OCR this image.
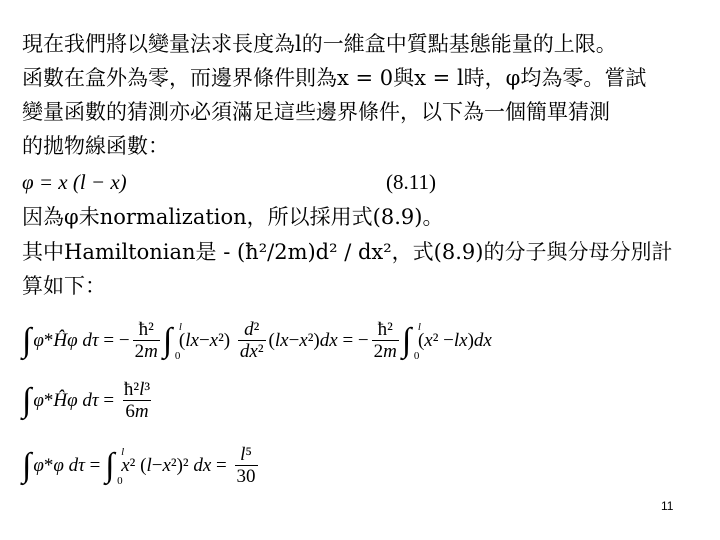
現在我們將以變量法求長度為l的一維盒中質點基態能量的上限。
函數在盒外為零，而邊界條件則為x = 0與x = l時，φ均為零。嘗試
變量函數的猜測亦必須滿足這些邊界條件，以下為一個簡單猜測
的拋物線函數：
φ = x (l − x)	(8.11)
因為φ未normalization，所以採用式(8.9)。
其中Hamiltonian是 - (ħ²/2m)d² / dx²，式(8.9)的分子與分母分別計
算如下：
∫ φ * Ĥφ
dτ = − $\frac{\text{ħ²}}{2m}$ ∫ l
0
( lx − x $^2) \frac{\text{d²}}{\text{dx²}}$ ( lx − x ²) dx = − $\frac{\text{ħ²}}{2m}$ ∫ l
0
( x ² − lx ) dx
∫ φ * Ĥφ
$d\tau = \frac{\text{ħ²l³}}{6m}$
∫ φ * φ
dτ = ∫ l
0

x ² ( l − x ²)² dx = $\frac{\text{l⁵}}{30}$
11
